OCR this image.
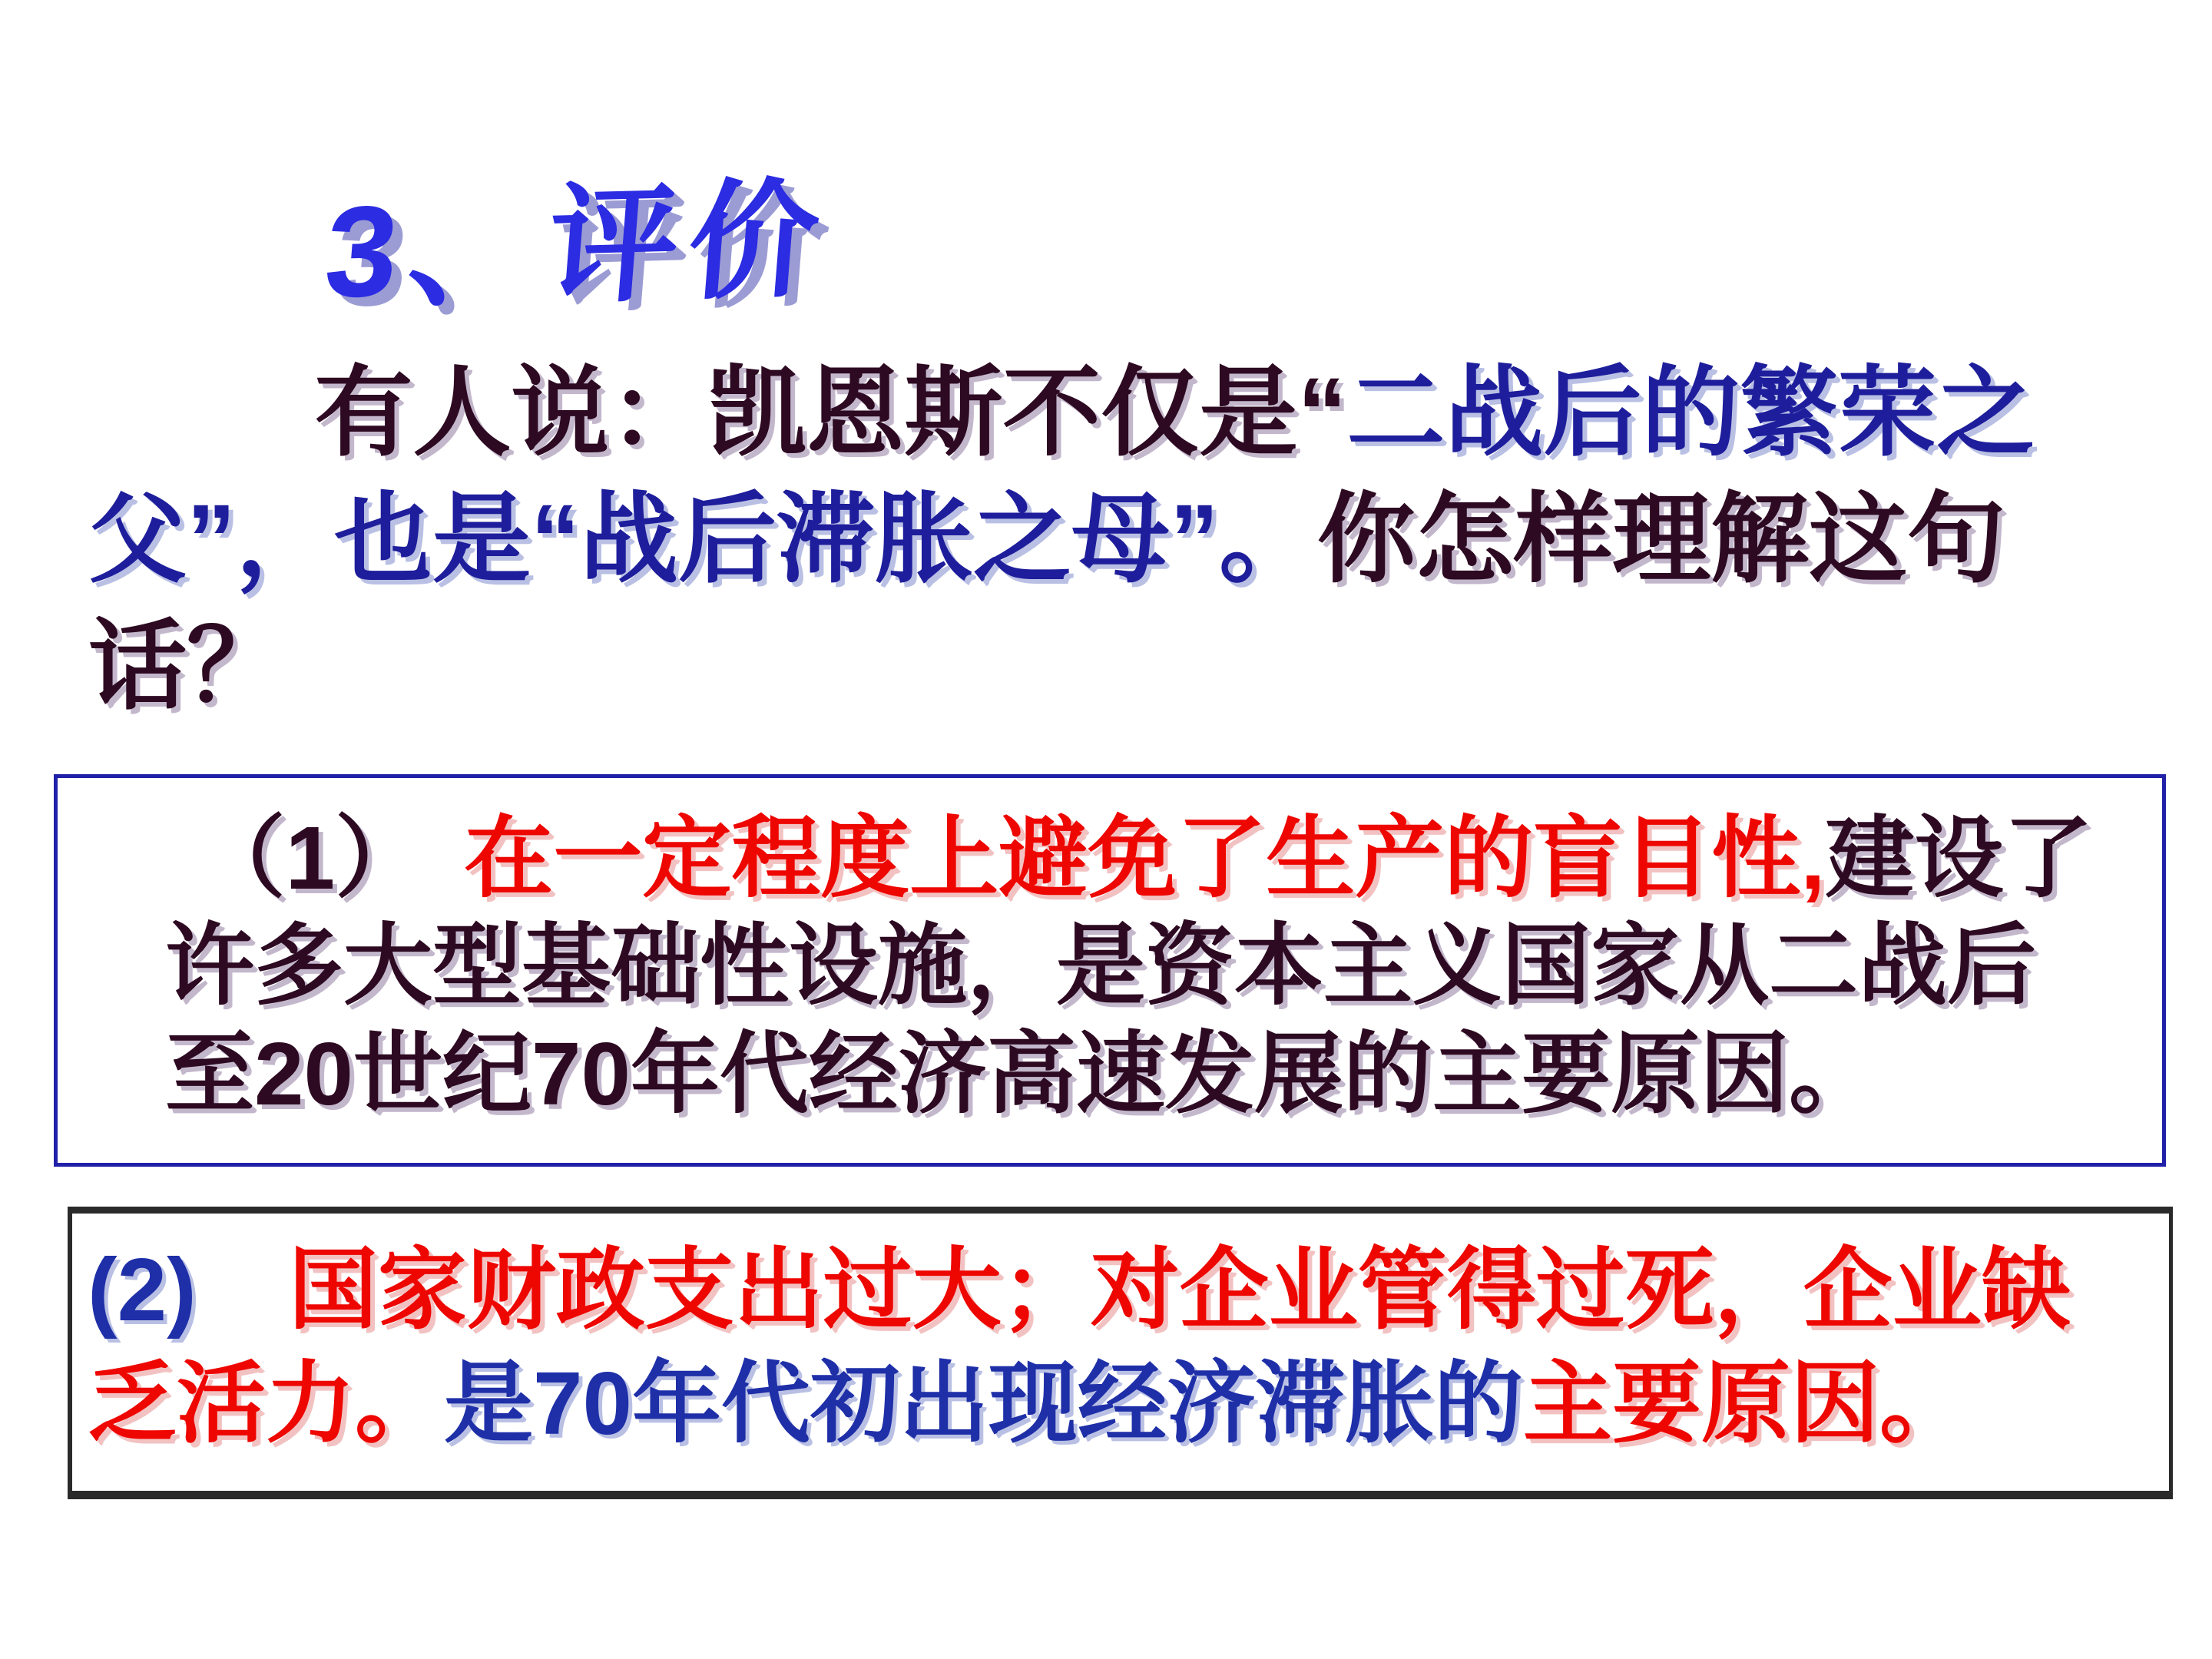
3、评价

有人说：凯恩斯不仅是“二战后的繁荣之父”，也是“战后滞胀之母”。你怎样理解这句话？

（1） 在一定程度上避免了生产的盲目性,建设了许多大型基础性设施，是资本主义国家从二战后至20世纪70年代经济高速发展的主要原因。
(2) 国家财政支出过大；对企业管得过死，企业缺乏活力。是70年代初出现经济滞胀的主要原因。
